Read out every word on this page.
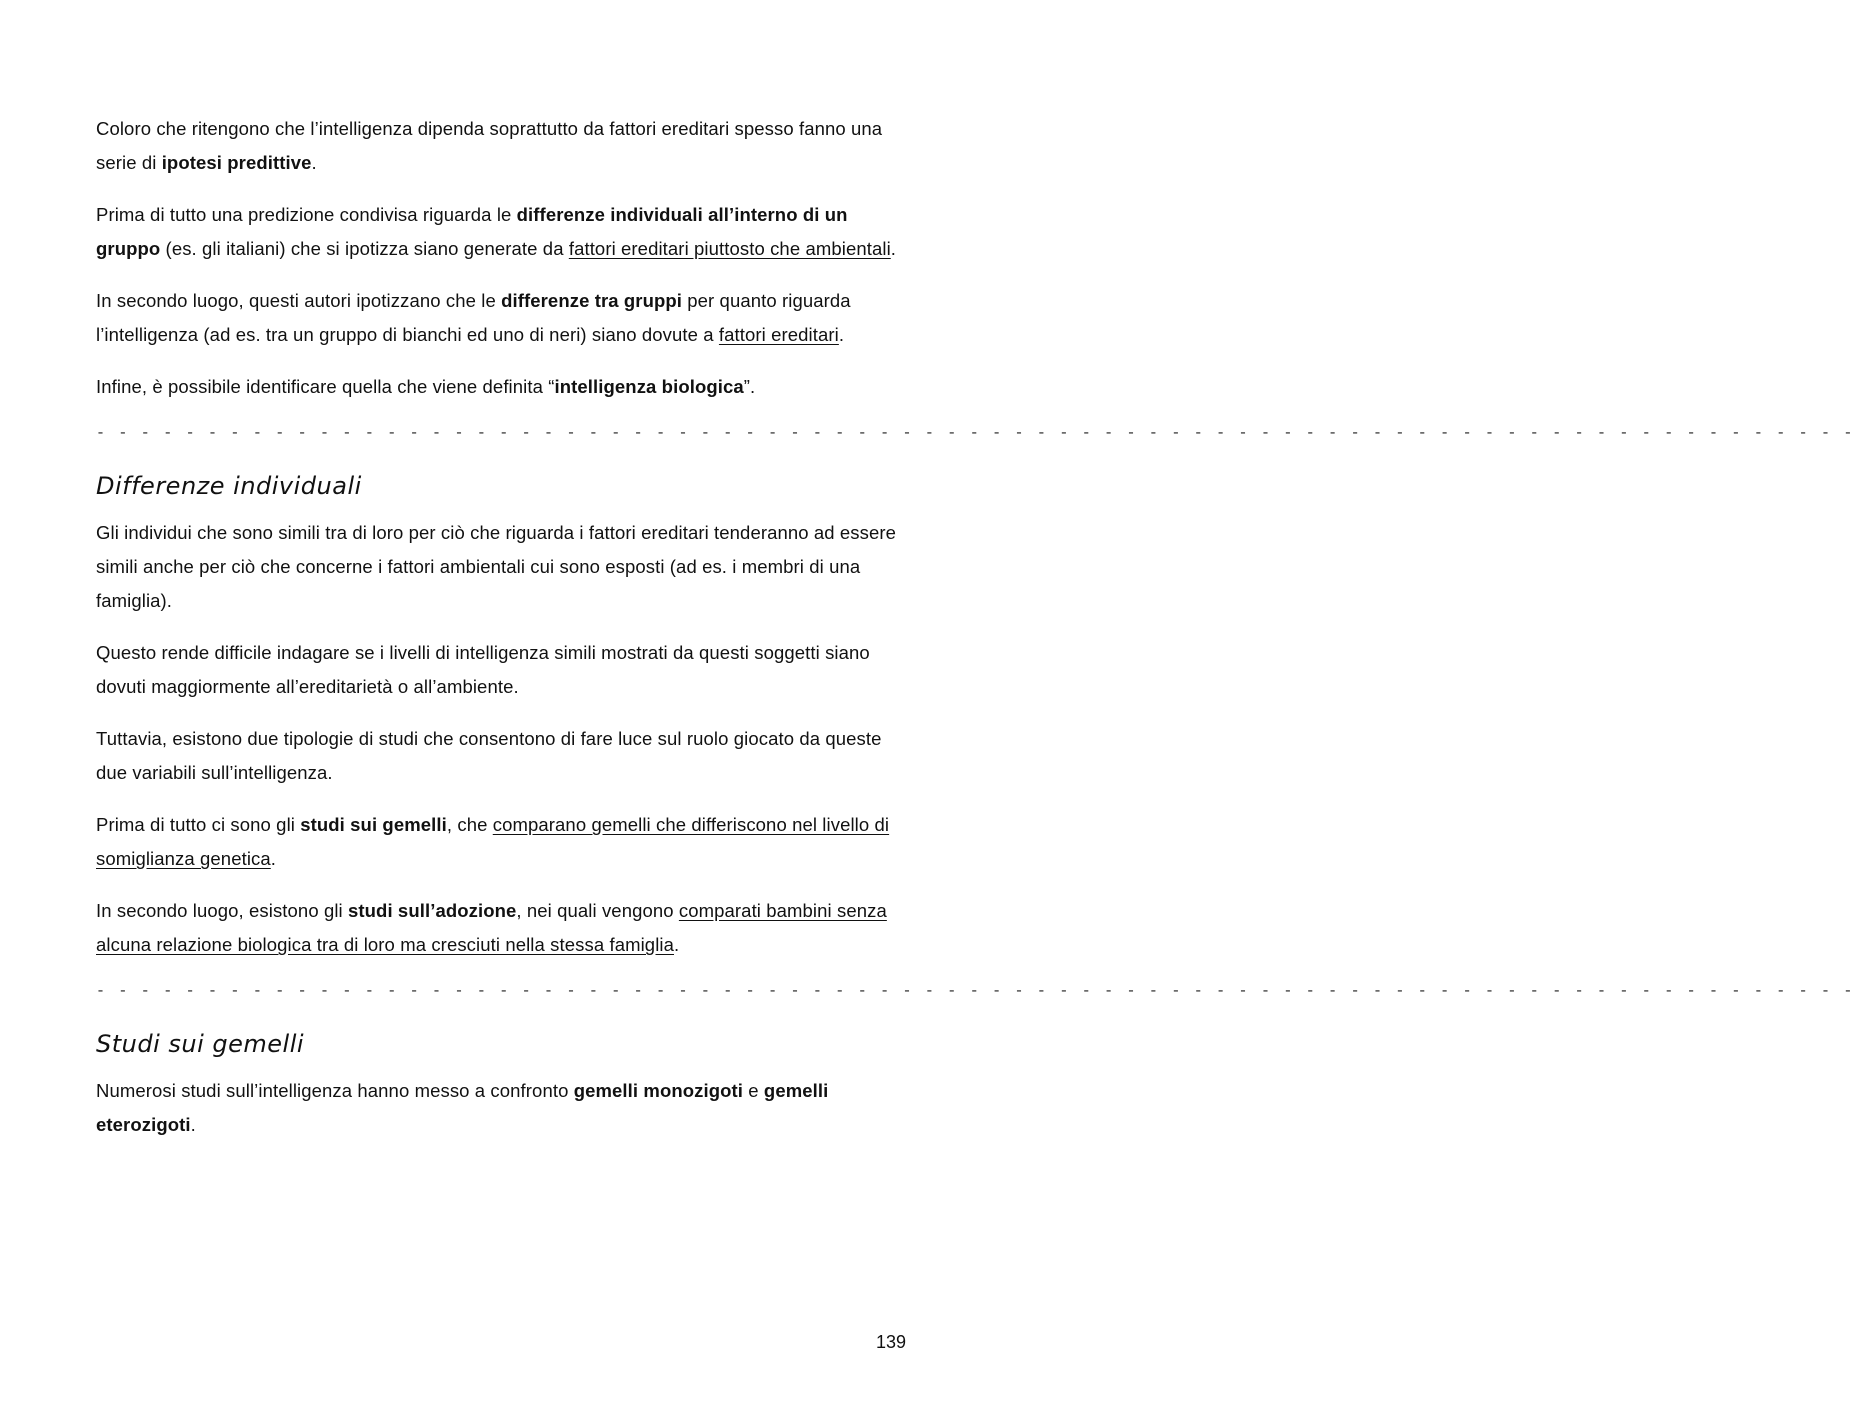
Coloro che ritengono che l’intelligenza dipenda soprattutto da fattori ereditari spesso fanno una serie di ipotesi predittive.

Prima di tutto una predizione condivisa riguarda le differenze individuali all’interno di un gruppo (es. gli italiani) che si ipotizza siano generate da fattori ereditari piuttosto che ambientali.

In secondo luogo, questi autori ipotizzano che le differenze tra gruppi per quanto riguarda l’intelligenza (ad es. tra un gruppo di bianchi ed uno di neri) siano dovute a fattori ereditari.

Infine, è possibile identificare quella che viene definita “intelligenza biologica”.

- - - - - - - - - - - - - - - - - - - - - - - - - - - - - - - - - - - - - - - - - - - - - - - - - - - - - - - - - - - - - - - - - - - - - - - - - - - - - - -
Differenze individuali

Gli individui che sono simili tra di loro per ciò che riguarda i fattori ereditari tenderanno ad essere simili anche per ciò che concerne i fattori ambientali cui sono esposti (ad es. i membri di una famiglia).

Questo rende difficile indagare se i livelli di intelligenza simili mostrati da questi soggetti siano dovuti maggiormente all’ereditarietà o all’ambiente.

Tuttavia, esistono due tipologie di studi che consentono di fare luce sul ruolo giocato da queste due variabili sull’intelligenza.

Prima di tutto ci sono gli studi sui gemelli, che comparano gemelli che differiscono nel livello di somiglianza genetica.

In secondo luogo, esistono gli studi sull’adozione, nei quali vengono comparati bambini senza alcuna relazione biologica tra di loro ma cresciuti nella stessa famiglia.

- - - - - - - - - - - - - - - - - - - - - - - - - - - - - - - - - - - - - - - - - - - - - - - - - - - - - - - - - - - - - - - - - - - - - - - - - - - - - - -
Studi sui gemelli

Numerosi studi sull’intelligenza hanno messo a confronto gemelli monozigoti e gemelli eterozigoti.

139
